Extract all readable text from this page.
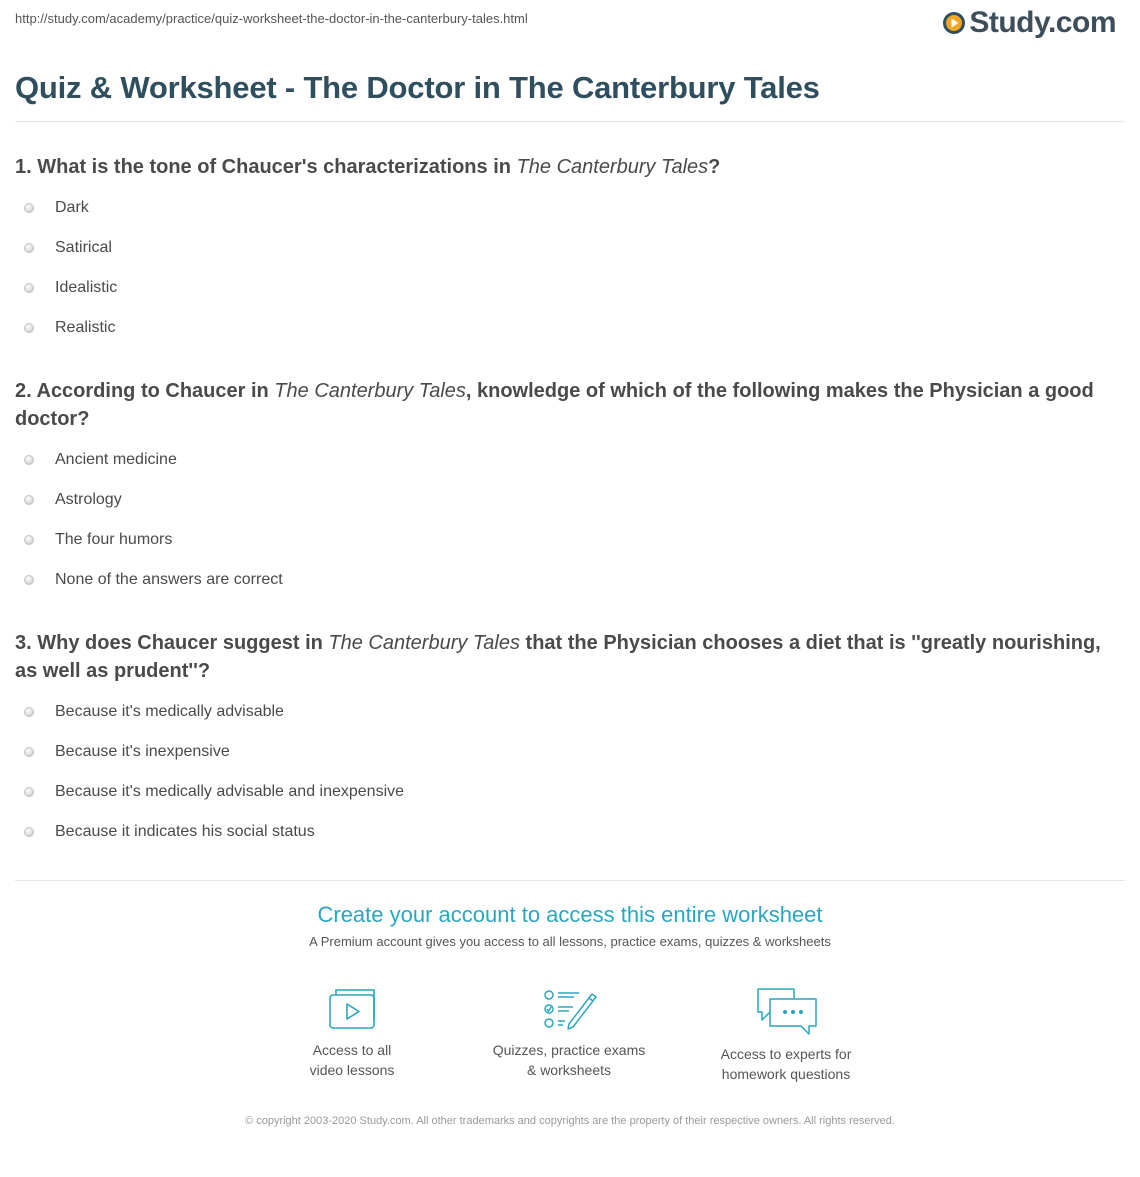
http://study.com/academy/practice/quiz-worksheet-the-doctor-in-the-canterbury-tales.html	Study.com
Quiz & Worksheet - The Doctor in The Canterbury Tales

1. What is the tone of Chaucer's characterizations in The Canterbury Tales?

Dark
Satirical
Idealistic
Realistic

2. According to Chaucer in The Canterbury Tales, knowledge of which of the following makes the Physician a good doctor?

Ancient medicine
Astrology
The four humors
None of the answers are correct

3. Why does Chaucer suggest in The Canterbury Tales that the Physician chooses a diet that is ''greatly nourishing, as well as prudent''?

Because it's medically advisable
Because it's inexpensive
Because it's medically advisable and inexpensive
Because it indicates his social status
Create your account to access this entire worksheet
A Premium account gives you access to all lessons, practice exams, quizzes & worksheets
Access to all
video lessons
Quizzes, practice exams
& worksheets
Access to experts for
homework questions
© copyright 2003-2020 Study.com. All other trademarks and copyrights are the property of their respective owners. All rights reserved.
